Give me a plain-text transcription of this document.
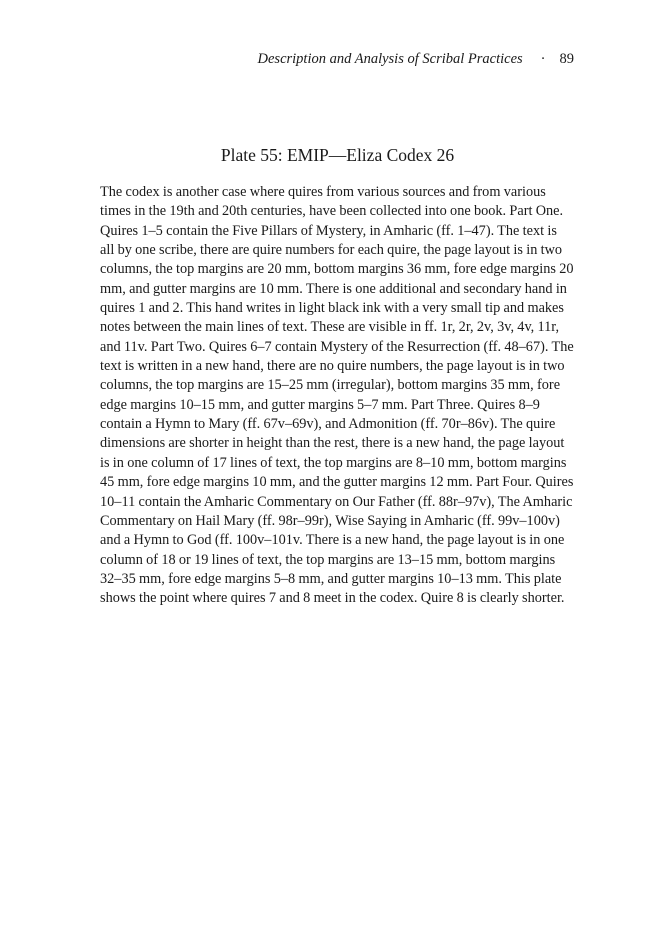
Description and Analysis of Scribal Practices · 89
Plate 55: EMIP—Eliza Codex 26

The codex is another case where quires from various sources and from various times in the 19th and 20th centuries, have been collected into one book. Part One. Quires 1–5 contain the Five Pillars of Mystery, in Amharic (ff. 1–47). The text is all by one scribe, there are quire numbers for each quire, the page layout is in two columns, the top margins are 20 mm, bottom margins 36 mm, fore edge margins 20 mm, and gutter margins are 10 mm. There is one additional and secondary hand in quires 1 and 2. This hand writes in light black ink with a very small tip and makes notes between the main lines of text. These are visible in ff. 1r, 2r, 2v, 3v, 4v, 11r, and 11v. Part Two. Quires 6–7 contain Mystery of the Resurrection (ff. 48–67). The text is written in a new hand, there are no quire numbers, the page layout is in two columns, the top margins are 15–25 mm (irregular), bottom margins 35 mm, fore edge margins 10–15 mm, and gutter margins 5–7 mm. Part Three. Quires 8–9 contain a Hymn to Mary (ff. 67v–69v), and Admonition (ff. 70r–86v). The quire dimensions are shorter in height than the rest, there is a new hand, the page layout is in one column of 17 lines of text, the top margins are 8–10 mm, bottom margins 45 mm, fore edge margins 10 mm, and the gutter margins 12 mm. Part Four. Quires 10–11 contain the Amharic Commentary on Our Father (ff. 88r–97v), The Amharic Commentary on Hail Mary (ff. 98r–99r), Wise Saying in Amharic (ff. 99v–100v) and a Hymn to God (ff. 100v–101v. There is a new hand, the page layout is in one column of 18 or 19 lines of text, the top margins are 13–15 mm, bottom margins 32–35 mm, fore edge margins 5–8 mm, and gutter margins 10–13 mm. This plate shows the point where quires 7 and 8 meet in the codex. Quire 8 is clearly shorter.
